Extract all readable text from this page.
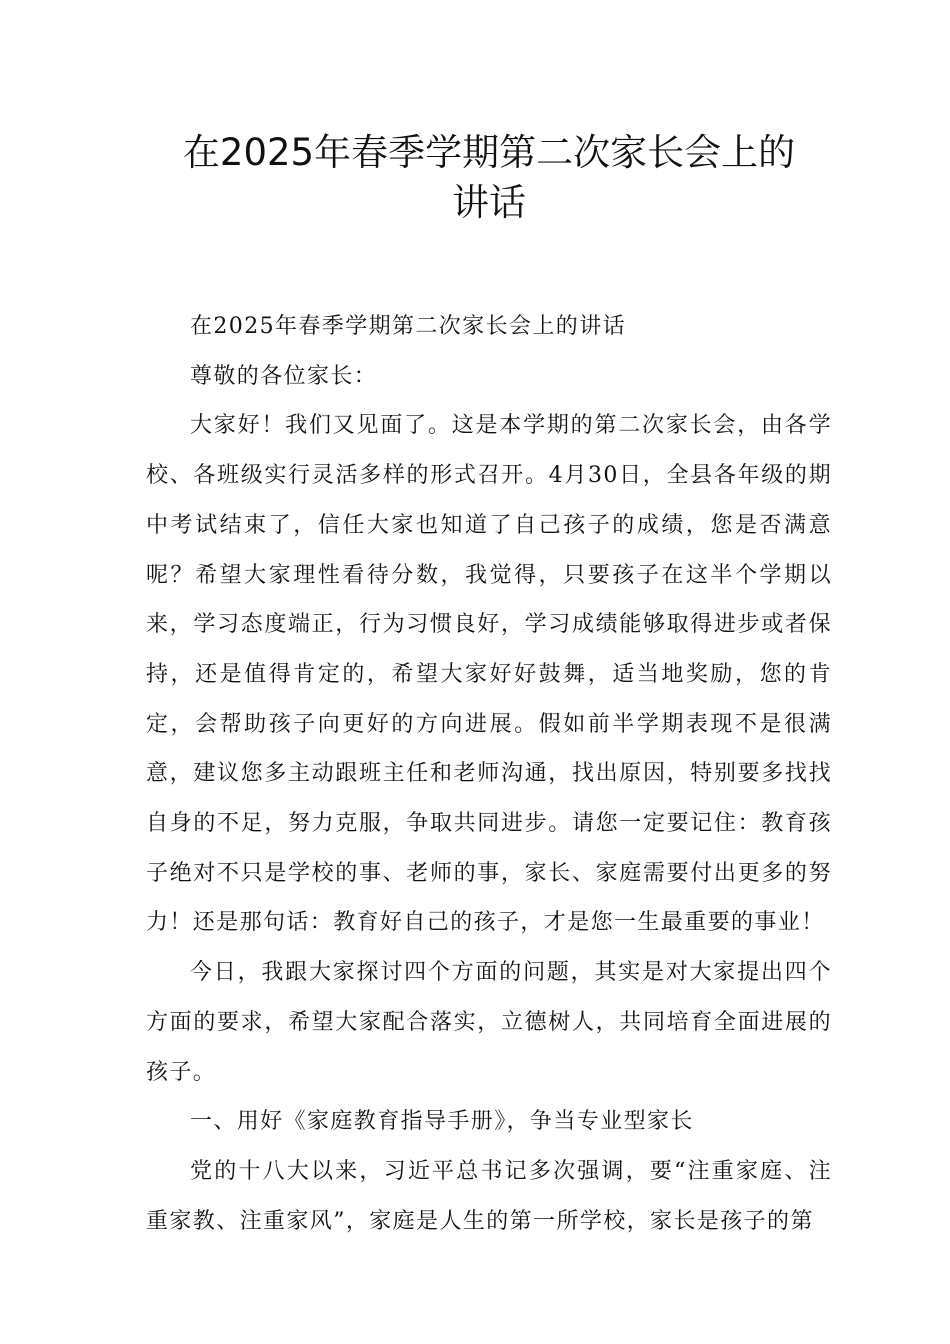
在2025年春季学期第二次家长会上的
讲话

在2025年春季学期第二次家长会上的讲话

尊敬的各位家长：

大家好！我们又见面了。这是本学期的第二次家长会，由各学校、各班级实行灵活多样的形式召开。4月30日，全县各年级的期中考试结束了，信任大家也知道了自己孩子的成绩，您是否满意呢？希望大家理性看待分数，我觉得，只要孩子在这半个学期以来，学习态度端正，行为习惯良好，学习成绩能够取得进步或者保持，还是值得肯定的，希望大家好好鼓舞，适当地奖励，您的肯定，会帮助孩子向更好的方向进展。假如前半学期表现不是很满意，建议您多主动跟班主任和老师沟通，找出原因，特别要多找找自身的不足，努力克服，争取共同进步。请您一定要记住：教育孩子绝对不只是学校的事、老师的事，家长、家庭需要付出更多的努力！还是那句话：教育好自己的孩子，才是您一生最重要的事业！

今日，我跟大家探讨四个方面的问题，其实是对大家提出四个方面的要求，希望大家配合落实，立德树人，共同培育全面进展的孩子。

一、用好《家庭教育指导手册》，争当专业型家长

党的十八大以来，习近平总书记多次强调，要“注重家庭、注重家教、注重家风”，家庭是人生的第一所学校，家长是孩子的第
